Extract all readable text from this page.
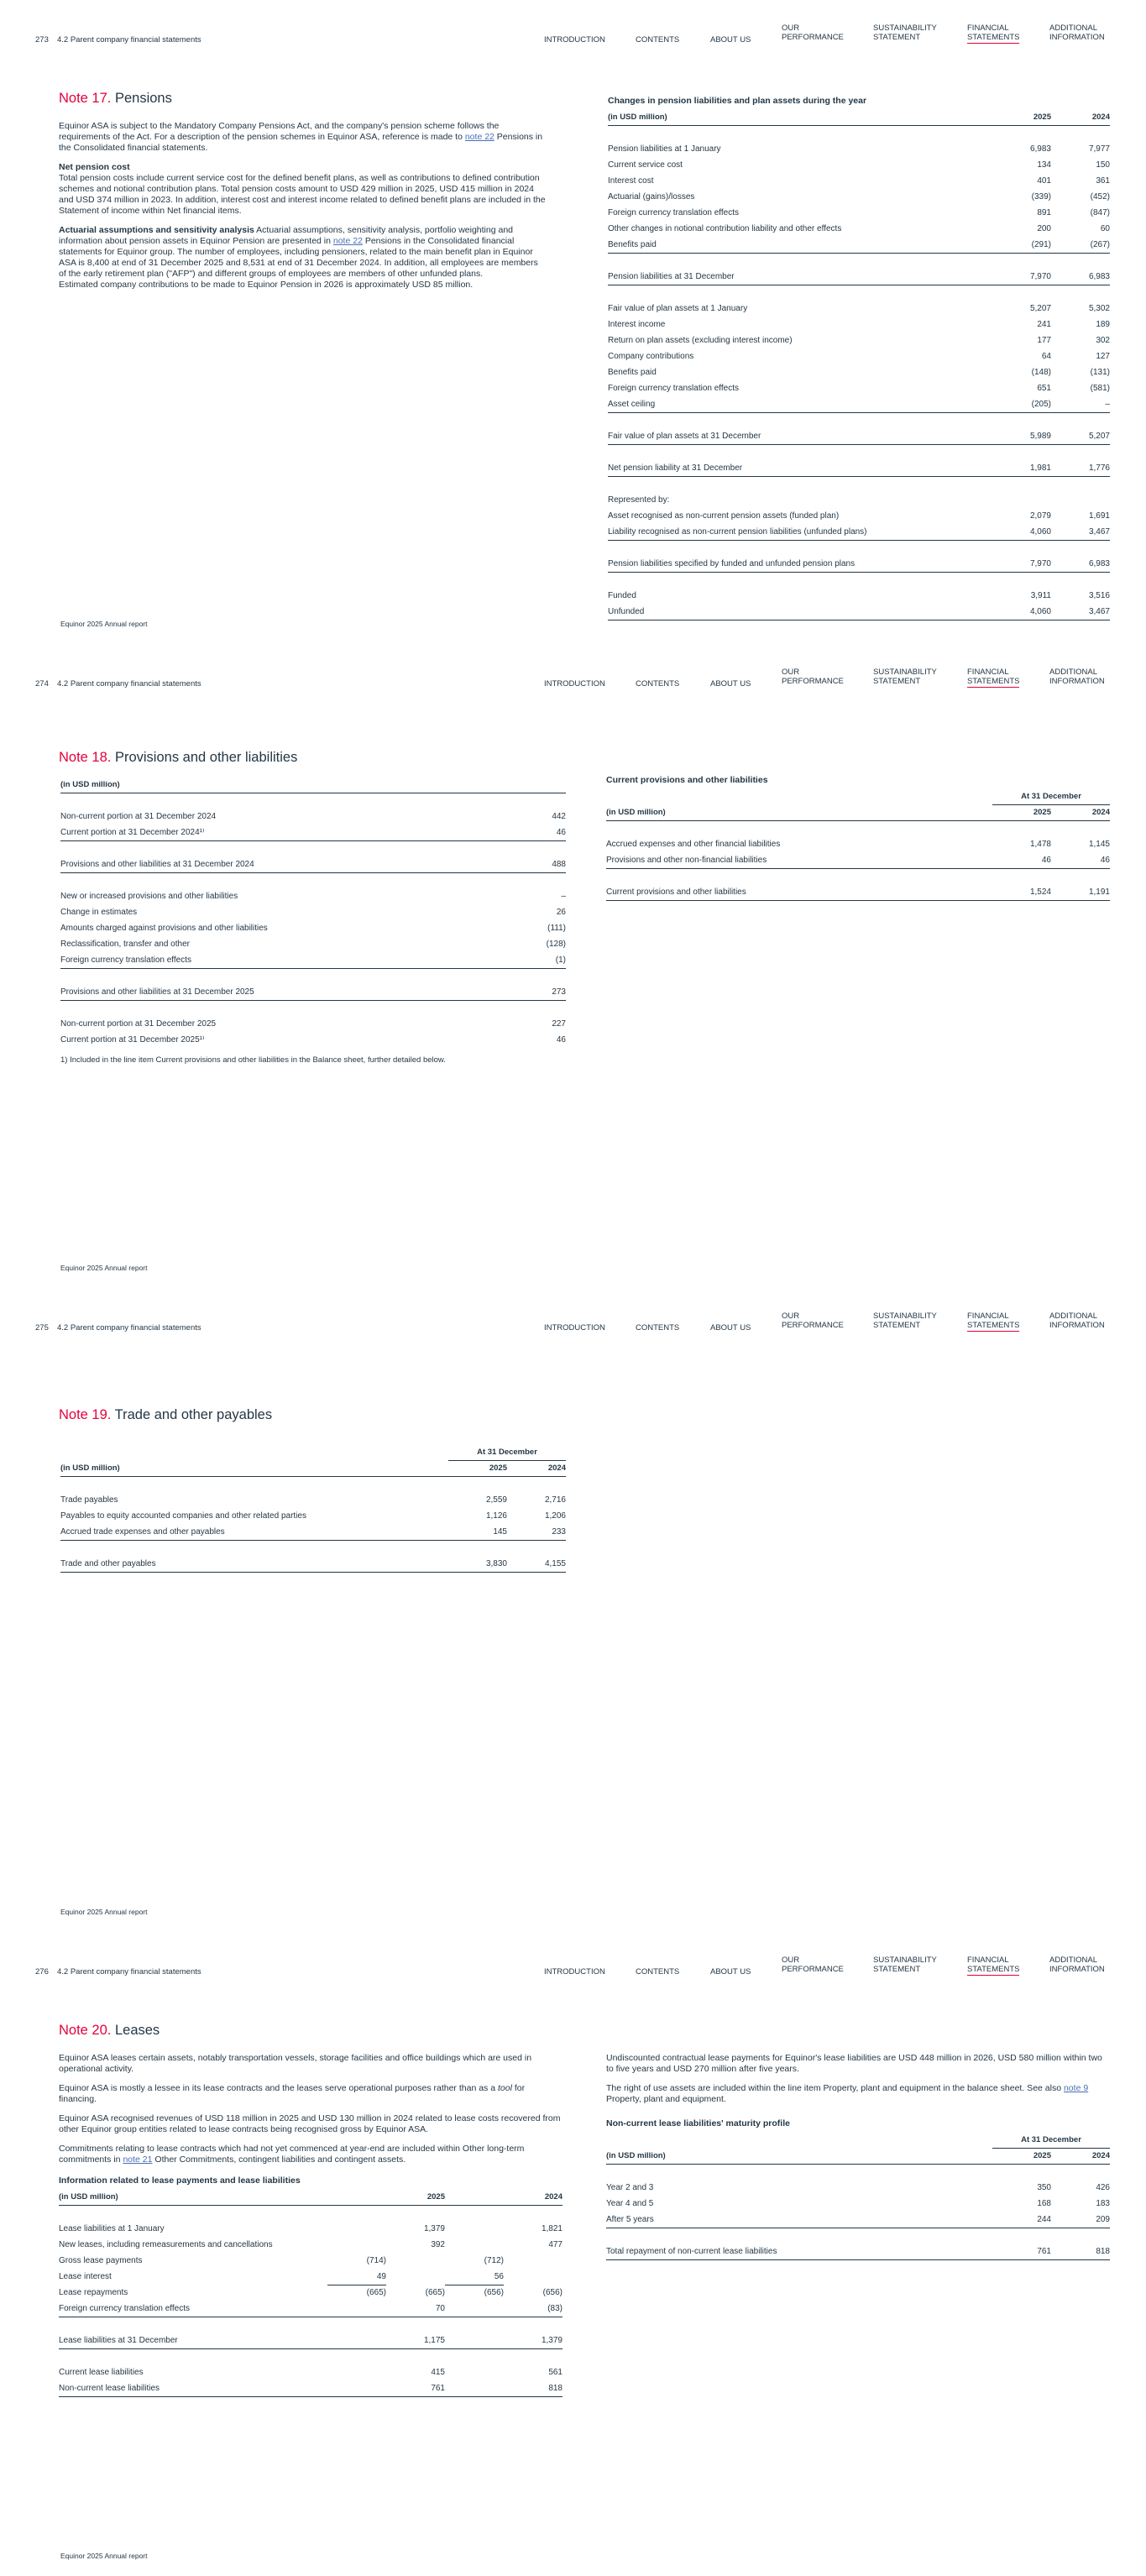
273 4.2 Parent company financial statements	INTRODUCTION	CONTENTS	ABOUT US
OUR
PERFORMANCE
SUSTAINABILITY
STATEMENT
FINANCIAL
STATEMENTS
ADDITIONAL
INFORMATION
Note 17. Pensions

Equinor ASA is subject to the Mandatory Company Pensions Act, and the company's pension scheme follows the requirements of the Act. For a description of the pension schemes in Equinor ASA, reference is made to note 22 Pensions in the Consolidated financial statements.

Net pension cost

Total pension costs include current service cost for the defined benefit plans, as well as contributions to defined contribution schemes and notional contribution plans. Total pension costs amount to USD 429 million in 2025, USD 415 million in 2024 and USD 374 million in 2023. In addition, interest cost and interest income related to defined benefit plans are included in the Statement of income within Net financial items.

Actuarial assumptions and sensitivity analysis Actuarial assumptions, sensitivity analysis, portfolio weighting and information about pension assets in Equinor Pension are presented in note 22 Pensions in the Consolidated financial statements for Equinor group. The number of employees, including pensioners, related to the main benefit plan in Equinor ASA is 8,400 at end of 31 December 2025 and 8,531 at end of 31 December 2024. In addition, all employees are members of the early retirement plan ("AFP") and different groups of employees are members of other unfunded plans.

Estimated company contributions to be made to Equinor Pension in 2026 is approximately USD 85 million.
Changes in pension liabilities and plan assets during the year
(in USD million)	2025	2024

Pension liabilities at 1 January	6,983	7,977
Current service cost	134	150
Interest cost	401	361
Actuarial (gains)/losses	(339)	(452)
Foreign currency translation effects	891	(847)
Other changes in notional contribution liability and other effects	200	60
Benefits paid	(291)	(267)

Pension liabilities at 31 December	7,970	6,983

Fair value of plan assets at 1 January	5,207	5,302
Interest income	241	189
Return on plan assets (excluding interest income)	177	302
Company contributions	64	127
Benefits paid	(148)	(131)
Foreign currency translation effects	651	(581)
Asset ceiling	(205)	–

Fair value of plan assets at 31 December	5,989	5,207

Net pension liability at 31 December	1,981	1,776

Represented by:		
Asset recognised as non-current pension assets (funded plan)	2,079	1,691
Liability recognised as non-current pension liabilities (unfunded plans)	4,060	3,467

Pension liabilities specified by funded and unfunded pension plans	7,970	6,983

Funded	3,911	3,516
Unfunded	4,060	3,467
Equinor 2025 Annual report
274 4.2 Parent company financial statements	INTRODUCTION	CONTENTS	ABOUT US
OUR
PERFORMANCE
SUSTAINABILITY
STATEMENT
FINANCIAL
STATEMENTS
ADDITIONAL
INFORMATION
Note 18. Provisions and other liabilities
(in USD million)	

Non-current portion at 31 December 2024	442
Current portion at 31 December 2024¹⁾	46

Provisions and other liabilities at 31 December 2024	488

New or increased provisions and other liabilities	–
Change in estimates	26
Amounts charged against provisions and other liabilities	(111)
Reclassification, transfer and other	(128)
Foreign currency translation effects	(1)

Provisions and other liabilities at 31 December 2025	273

Non-current portion at 31 December 2025	227
Current portion at 31 December 2025¹⁾	46
1) Included in the line item Current provisions and other liabilities in the Balance sheet, further detailed below.
Current provisions and other liabilities
	At 31 December	
(in USD million)	2025	2024

Accrued expenses and other financial liabilities	1,478	1,145
Provisions and other non-financial liabilities	46	46

Current provisions and other liabilities	1,524	1,191
Equinor 2025 Annual report
275 4.2 Parent company financial statements	INTRODUCTION	CONTENTS	ABOUT US
OUR
PERFORMANCE
SUSTAINABILITY
STATEMENT
FINANCIAL
STATEMENTS
ADDITIONAL
INFORMATION
Note 19. Trade and other payables
	At 31 December	
(in USD million)	2025	2024

Trade payables	2,559	2,716
Payables to equity accounted companies and other related parties	1,126	1,206
Accrued trade expenses and other payables	145	233

Trade and other payables	3,830	4,155
Equinor 2025 Annual report
276 4.2 Parent company financial statements	INTRODUCTION	CONTENTS	ABOUT US
OUR
PERFORMANCE
SUSTAINABILITY
STATEMENT
FINANCIAL
STATEMENTS
ADDITIONAL
INFORMATION
Note 20. Leases

Equinor ASA leases certain assets, notably transportation vessels, storage facilities and office buildings which are used in operational activity.

Equinor ASA is mostly a lessee in its lease contracts and the leases serve operational purposes rather than as a tool for financing.

Equinor ASA recognised revenues of USD 118 million in 2025 and USD 130 million in 2024 related to lease costs recovered from other Equinor group entities related to lease contracts being recognised gross by Equinor ASA.

Commitments relating to lease contracts which had not yet commenced at year-end are included within Other long-term commitments in note 21 Other Commitments, contingent liabilities and contingent assets.

Information related to lease payments and lease liabilities
(in USD million)		2025		2024

Lease liabilities at 1 January		1,379		1,821
New leases, including remeasurements and cancellations		392		477
Gross lease payments	(714)		(712)	
Lease interest	49		56	
Lease repayments	(665)	(665)	(656)	(656)
Foreign currency translation effects		70		(83)

Lease liabilities at 31 December		1,175		1,379

Current lease liabilities		415		561
Non-current lease liabilities		761		818

Undiscounted contractual lease payments for Equinor's lease liabilities are USD 448 million in 2026, USD 580 million within two to five years and USD 270 million after five years.

The right of use assets are included within the line item Property, plant and equipment in the balance sheet. See also note 9 Property, plant and equipment.

Non-current lease liabilities' maturity profile
	At 31 December	
(in USD million)	2025	2024

Year 2 and 3	350	426
Year 4 and 5	168	183
After 5 years	244	209

Total repayment of non-current lease liabilities	761	818
Equinor 2025 Annual report
